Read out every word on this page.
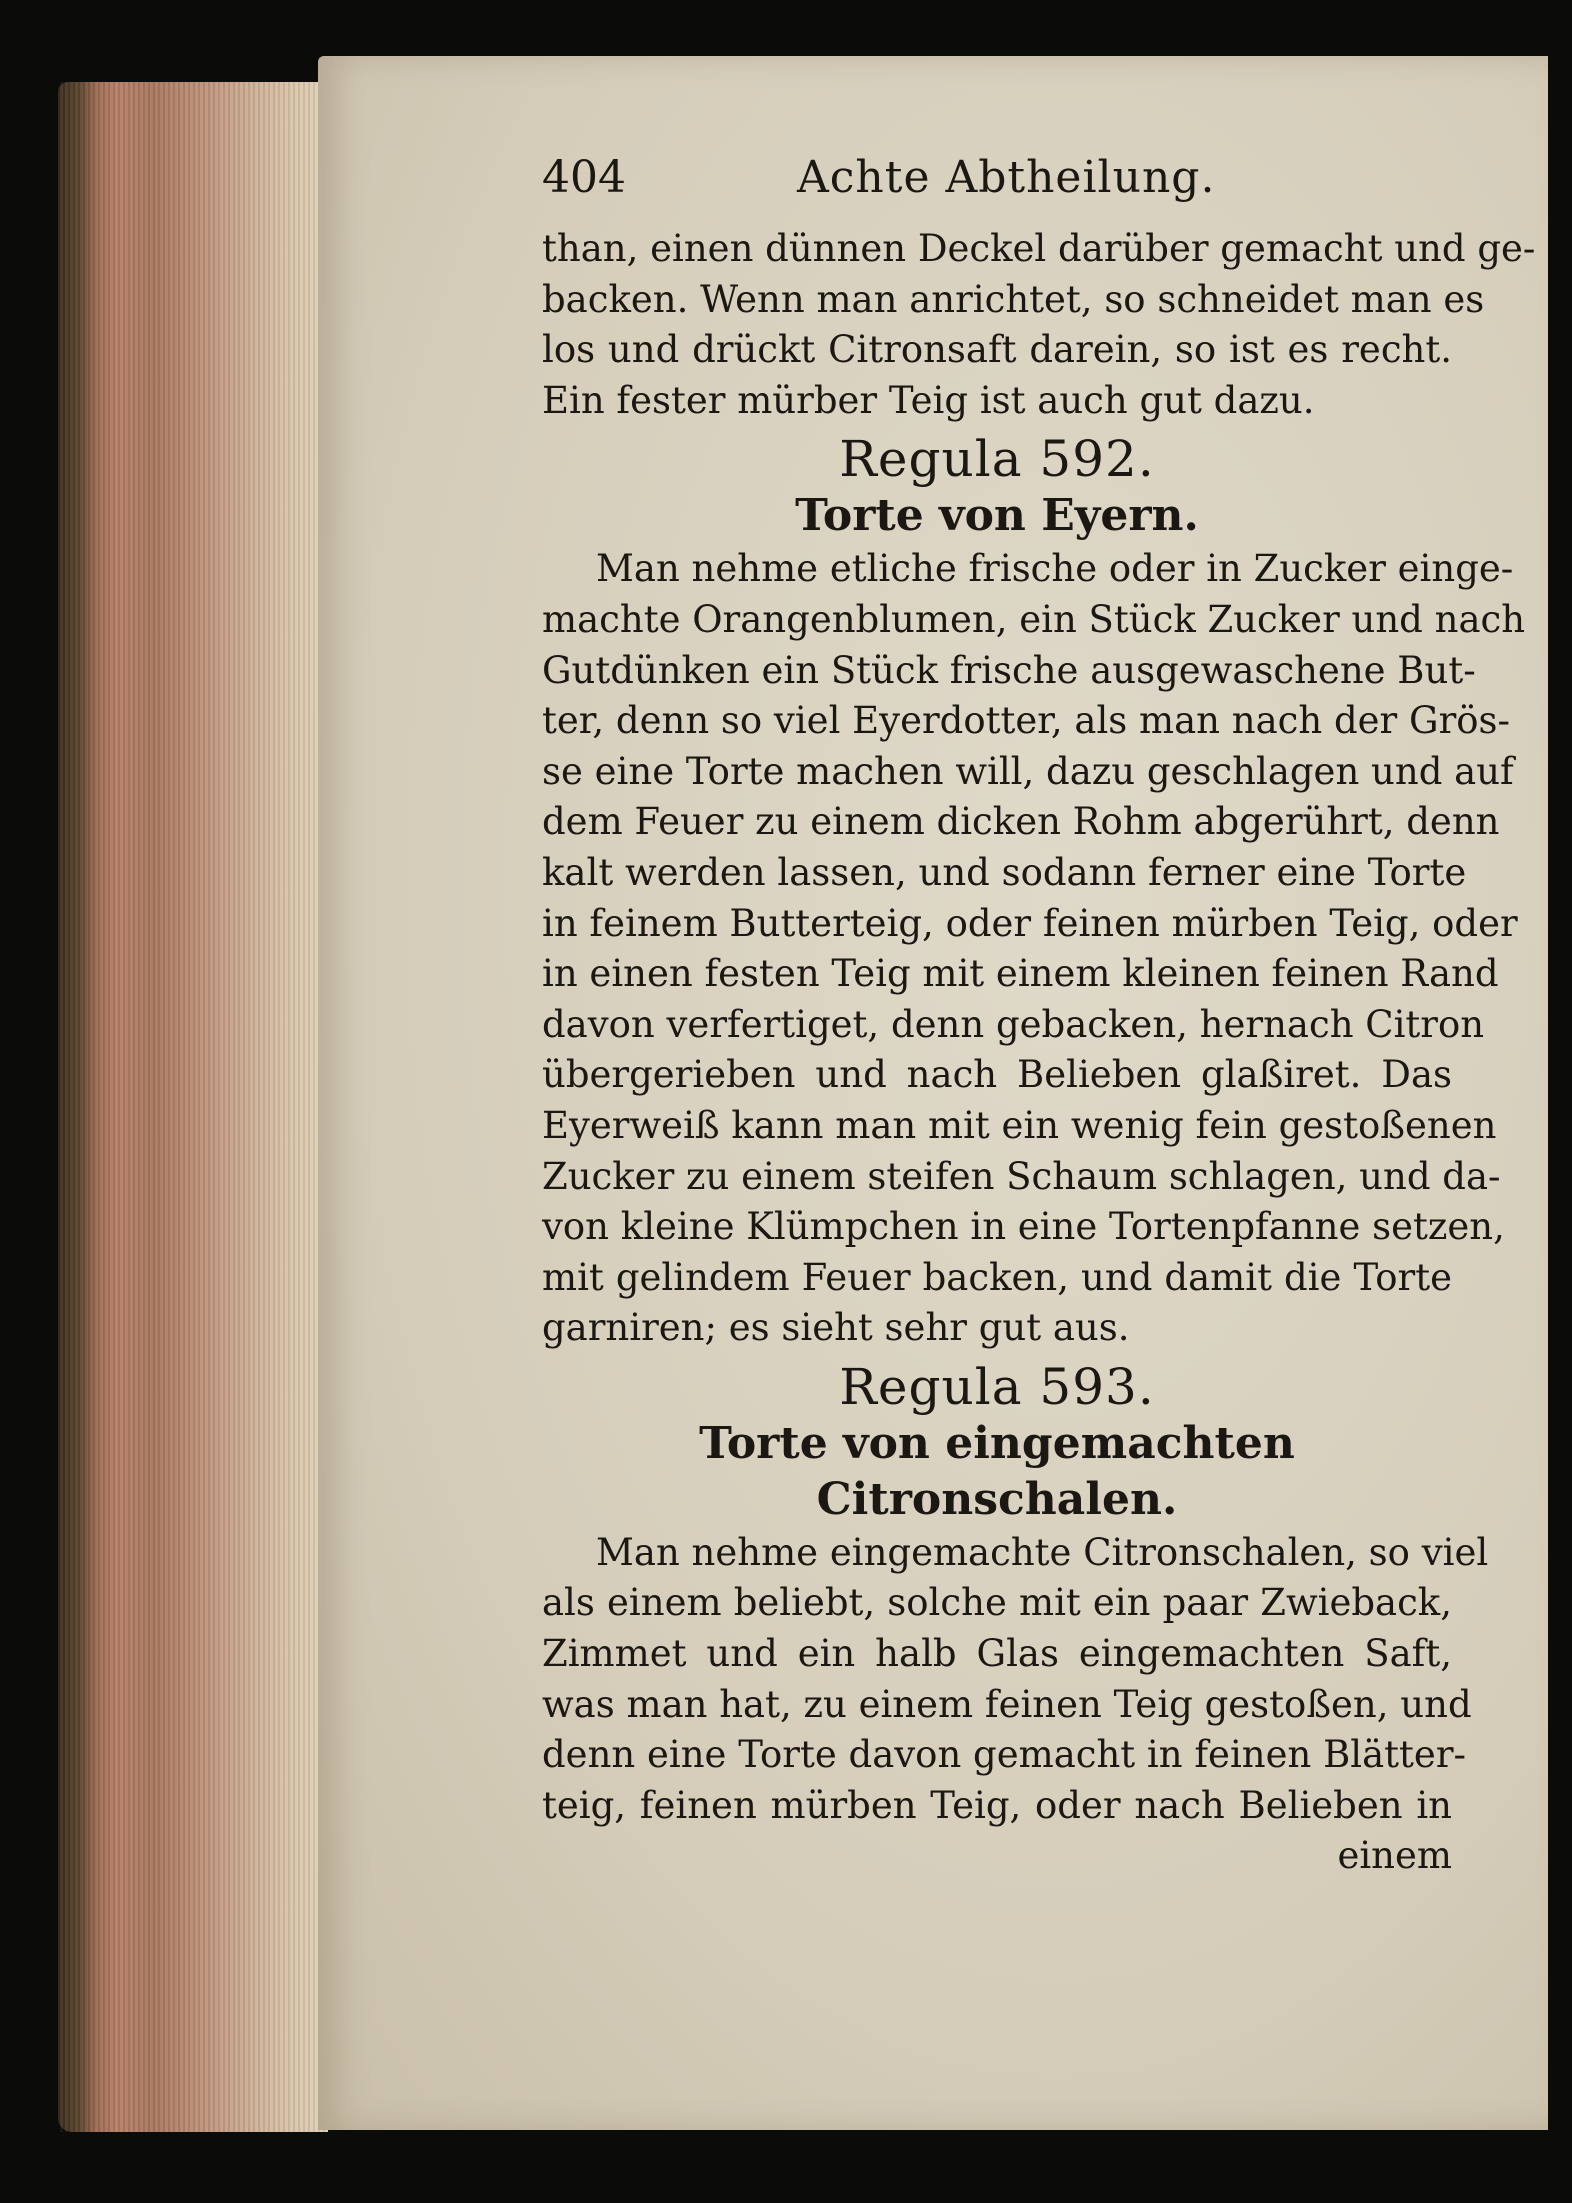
404	Achte Abtheilung.
than, einen dünnen Deckel darüber gemacht und ge-
backen. Wenn man anrichtet, so schneidet man es
los und drückt Citronsaft darein, so ist es recht.
Ein fester mürber Teig ist auch gut dazu.
Regula 592.
Torte von Eyern.
Man nehme etliche frische oder in Zucker einge-
machte Orangenblumen, ein Stück Zucker und nach
Gutdünken ein Stück frische ausgewaschene But-
ter, denn so viel Eyerdotter, als man nach der Grös-
se eine Torte machen will, dazu geschlagen und auf
dem Feuer zu einem dicken Rohm abgerührt, denn
kalt werden lassen, und sodann ferner eine Torte
in feinem Butterteig, oder feinen mürben Teig, oder
in einen festen Teig mit einem kleinen feinen Rand
davon verfertiget, denn gebacken, hernach Citron
übergerieben und nach Belieben glaßiret. Das
Eyerweiß kann man mit ein wenig fein gestoßenen
Zucker zu einem steifen Schaum schlagen, und da-
von kleine Klümpchen in eine Tortenpfanne setzen,
mit gelindem Feuer backen, und damit die Torte
garniren; es sieht sehr gut aus.
Regula 593.
Torte von eingemachten Citronschalen.
Man nehme eingemachte Citronschalen, so viel
als einem beliebt, solche mit ein paar Zwieback,
Zimmet und ein halb Glas eingemachten Saft,
was man hat, zu einem feinen Teig gestoßen, und
denn eine Torte davon gemacht in feinen Blätter-
teig, feinen mürben Teig, oder nach Belieben in
einem
